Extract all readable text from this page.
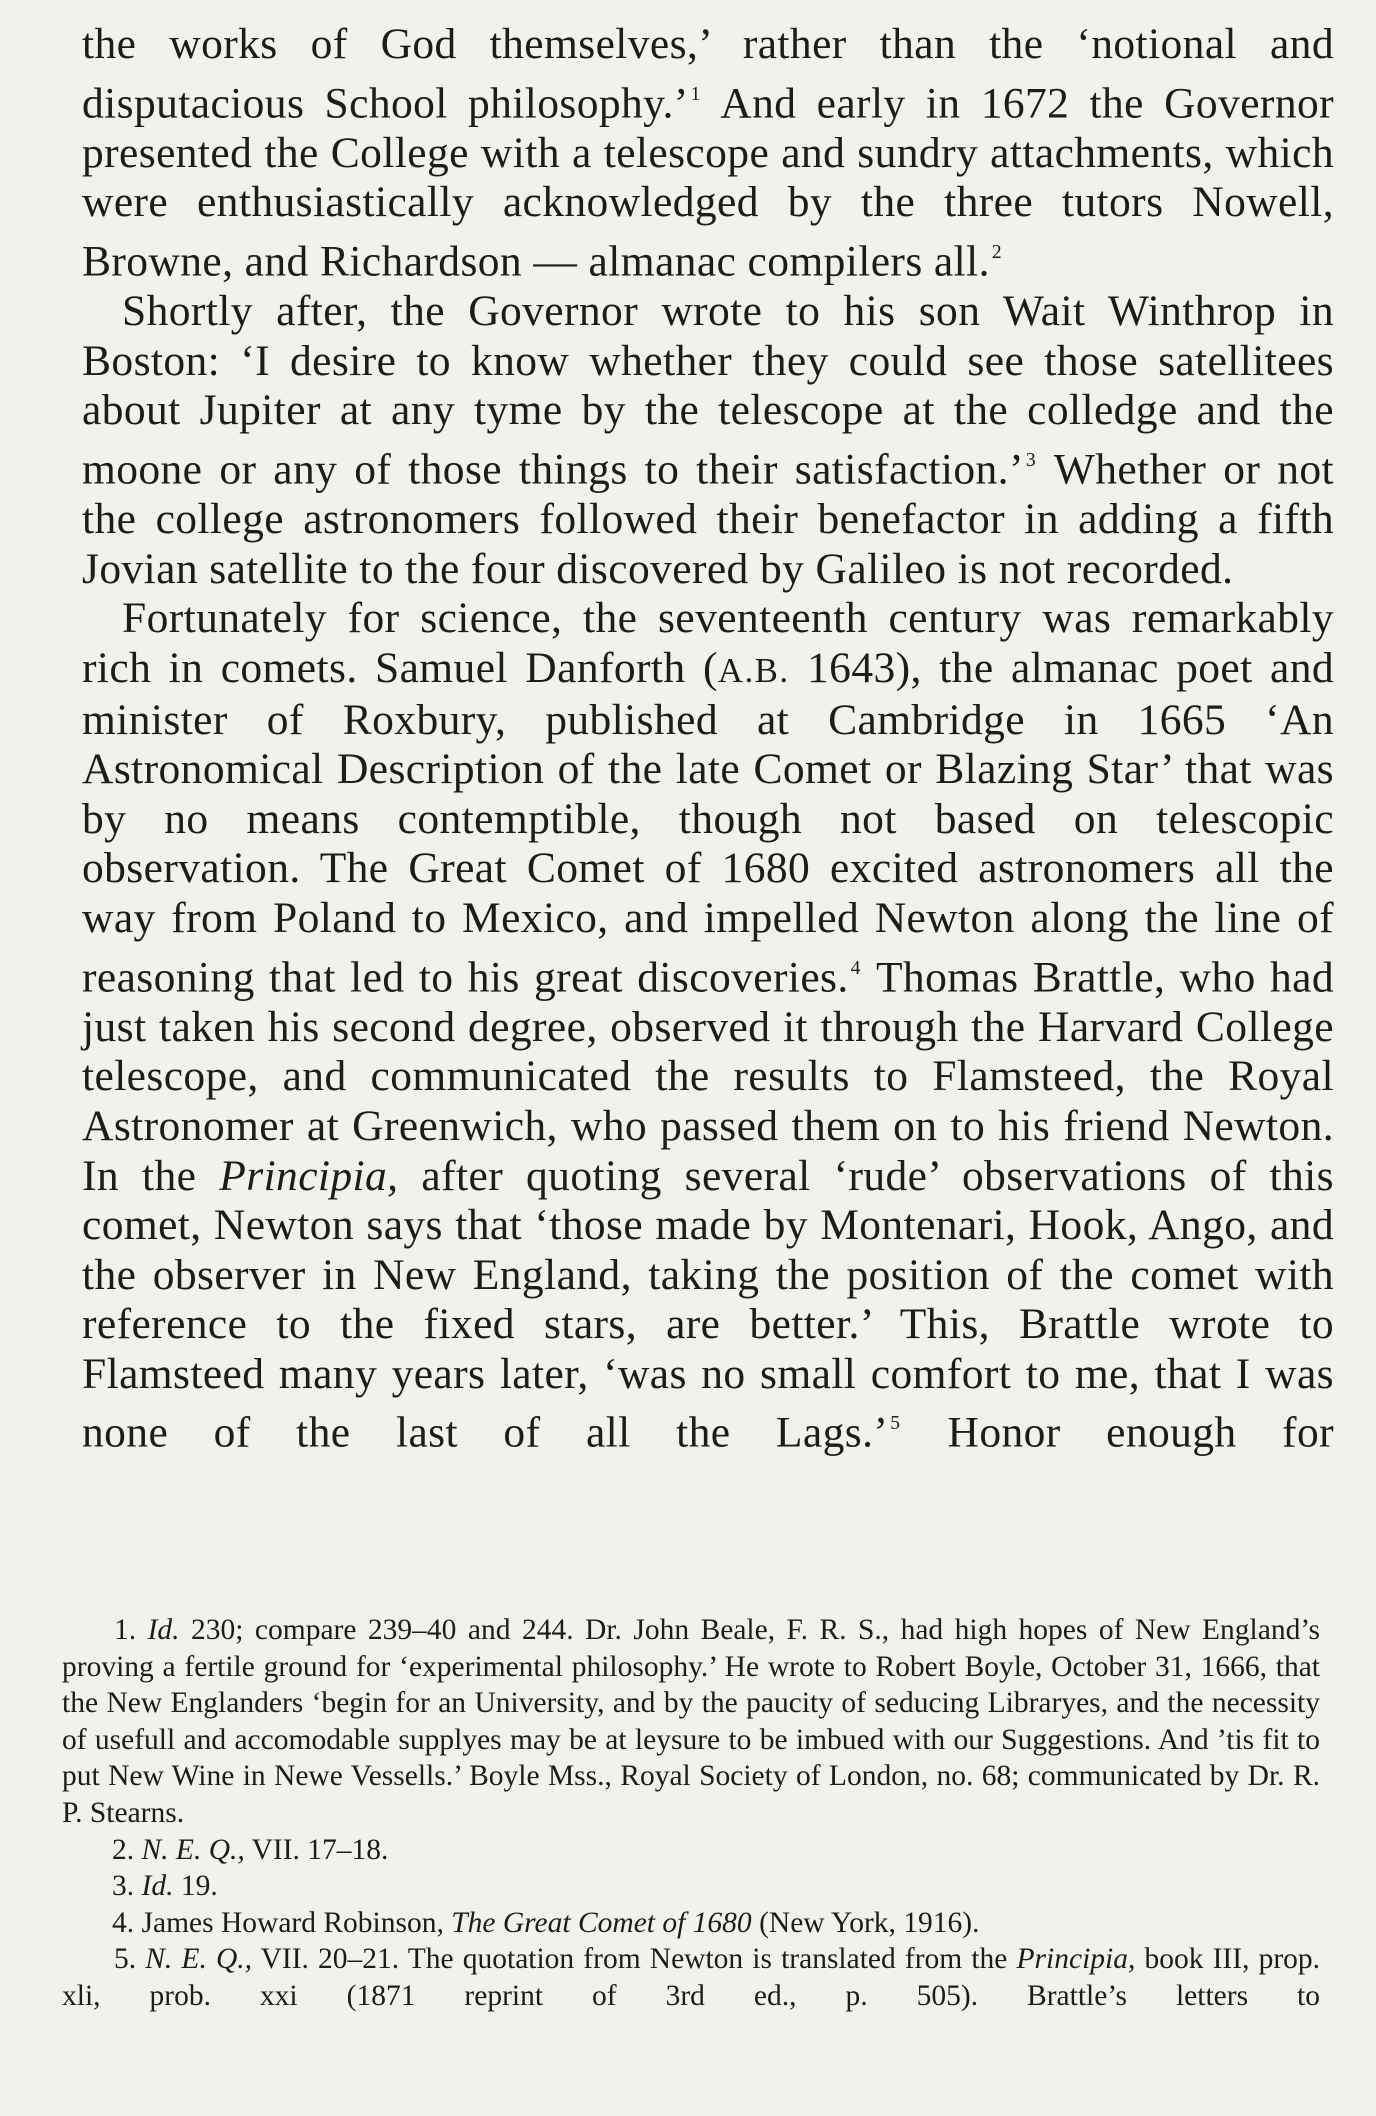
the works of God themselves,’ rather than the ‘notional and disputacious School philosophy.’ $^1$ And early in 1672 the Governor presented the College with a telescope and sundry attachments, which were enthusiastically acknowledged by the three tutors Nowell, Browne, and Richardson — almanac compilers all. $^2$

Shortly after, the Governor wrote to his son Wait Winthrop in Boston: ‘I desire to know whether they could see those satellitees about Jupiter at any tyme by the telescope at the colledge and the moone or any of those things to their satisfaction.’ $^3$ Whether or not the college astronomers followed their benefactor in adding a fifth Jovian satellite to the four discovered by Galileo is not recorded.

Fortunately for science, the seventeenth century was remarkably rich in comets. Samuel Danforth (A.B. 1643), the almanac poet and minister of Roxbury, published at Cambridge in 1665 ‘An Astronomical Description of the late Comet or Blazing Star’ that was by no means contemptible, though not based on telescopic observation. The Great Comet of 1680 excited astronomers all the way from Poland to Mexico, and impelled Newton along the line of reasoning that led to his great discoveries. $^4$ Thomas Brattle, who had just taken his second degree, observed it through the Harvard College telescope, and communicated the results to Flamsteed, the Royal Astronomer at Greenwich, who passed them on to his friend Newton. In the Principia, after quoting several ‘rude’ observations of this comet, Newton says that ‘those made by Montenari, Hook, Ango, and the observer in New England, taking the position of the comet with reference to the fixed stars, are better.’ This, Brattle wrote to Flamsteed many years later, ‘was no small comfort to me, that I was none of the last of all the Lags.’ $^5$ Honor enough for

1. Id. 230; compare 239–40 and 244. Dr. John Beale, F. R. S., had high hopes of New England’s proving a fertile ground for ‘experimental philosophy.’ He wrote to Robert Boyle, October 31, 1666, that the New Englanders ‘begin for an University, and by the paucity of seducing Libraryes, and the necessity of usefull and accomodable supplyes may be at leysure to be imbued with our Suggestions. And ’tis fit to put New Wine in Newe Vessells.’ Boyle Mss., Royal Society of London, no. 68; communicated by Dr. R. P. Stearns.

2. N. E. Q., VII. 17–18.

3. Id. 19.

4. James Howard Robinson, The Great Comet of 1680 (New York, 1916).

5. N. E. Q., VII. 20–21. The quotation from Newton is translated from the Principia, book III, prop. xli, prob. xxi (1871 reprint of 3rd ed., p. 505). Brattle’s letters to
